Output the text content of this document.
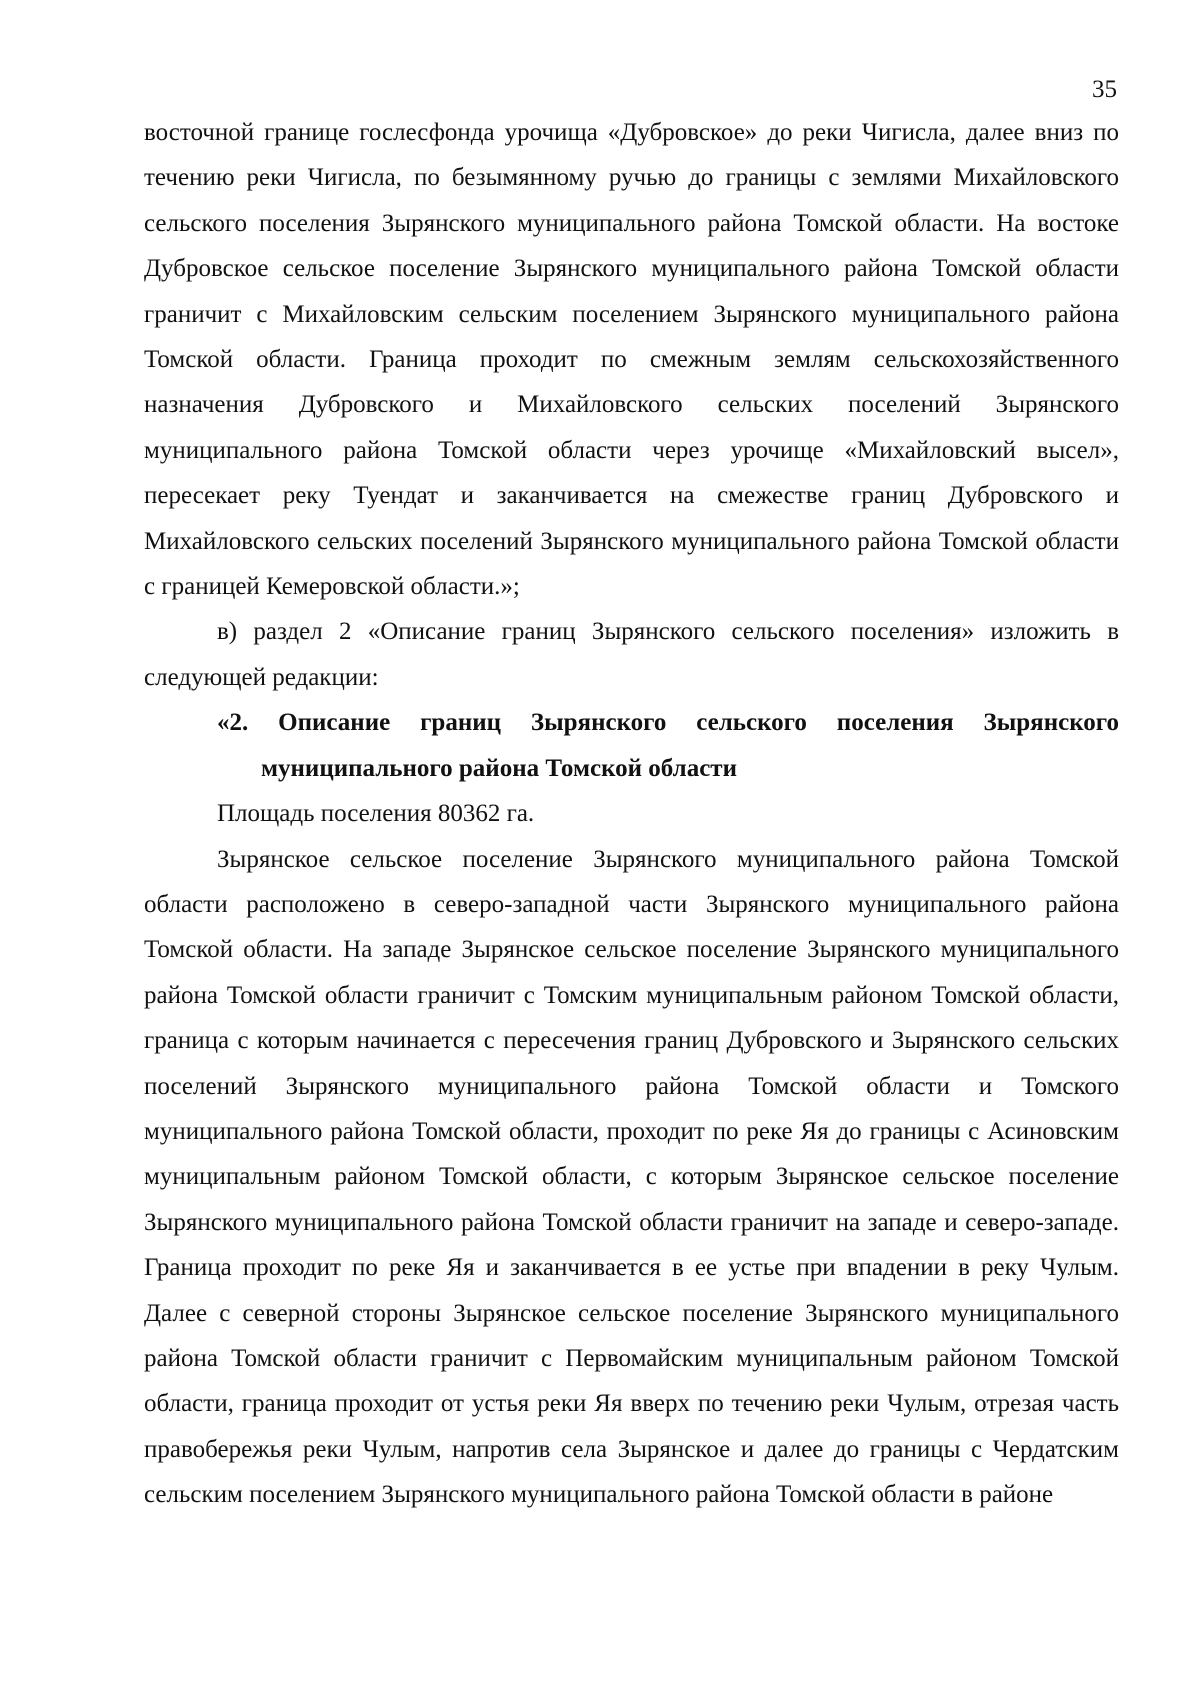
35

восточной границе гослесфонда урочища «Дубровское» до реки Чигисла, далее вниз по течению реки Чигисла, по безымянному ручью до границы с землями Михайловского сельского поселения Зырянского муниципального района Томской области. На востоке Дубровское сельское поселение Зырянского муниципального района Томской области граничит с Михайловским сельским поселением Зырянского муниципального района Томской области. Граница проходит по смежным землям сельскохозяйственного назначения Дубровского и Михайловского сельских поселений Зырянского муниципального района Томской области через урочище «Михайловский высел», пересекает реку Туендат и заканчивается на смежестве границ Дубровского и Михайловского сельских поселений Зырянского муниципального района Томской области с границей Кемеровской области.»;

в) раздел 2 «Описание границ Зырянского сельского поселения» изложить в следующей редакции:

«2. Описание границ Зырянского сельского поселения Зырянского муниципального района Томской области

Площадь поселения 80362 га.

Зырянское сельское поселение Зырянского муниципального района Томской области расположено в северо-западной части Зырянского муниципального района Томской области. На западе Зырянское сельское поселение Зырянского муниципального района Томской области граничит с Томским муниципальным районом Томской области, граница с которым начинается с пересечения границ Дубровского и Зырянского сельских поселений Зырянского муниципального района Томской области и Томского муниципального района Томской области, проходит по реке Яя до границы с Асиновским муниципальным районом Томской области, с которым Зырянское сельское поселение Зырянского муниципального района Томской области граничит на западе и северо-западе. Граница проходит по реке Яя и заканчивается в ее устье при впадении в реку Чулым. Далее с северной стороны Зырянское сельское поселение Зырянского муниципального района Томской области граничит с Первомайским муниципальным районом Томской области, граница проходит от устья реки Яя вверх по течению реки Чулым, отрезая часть правобережья реки Чулым, напротив села Зырянское и далее до границы с Чердатским сельским поселением Зырянского муниципального района Томской области в районе
